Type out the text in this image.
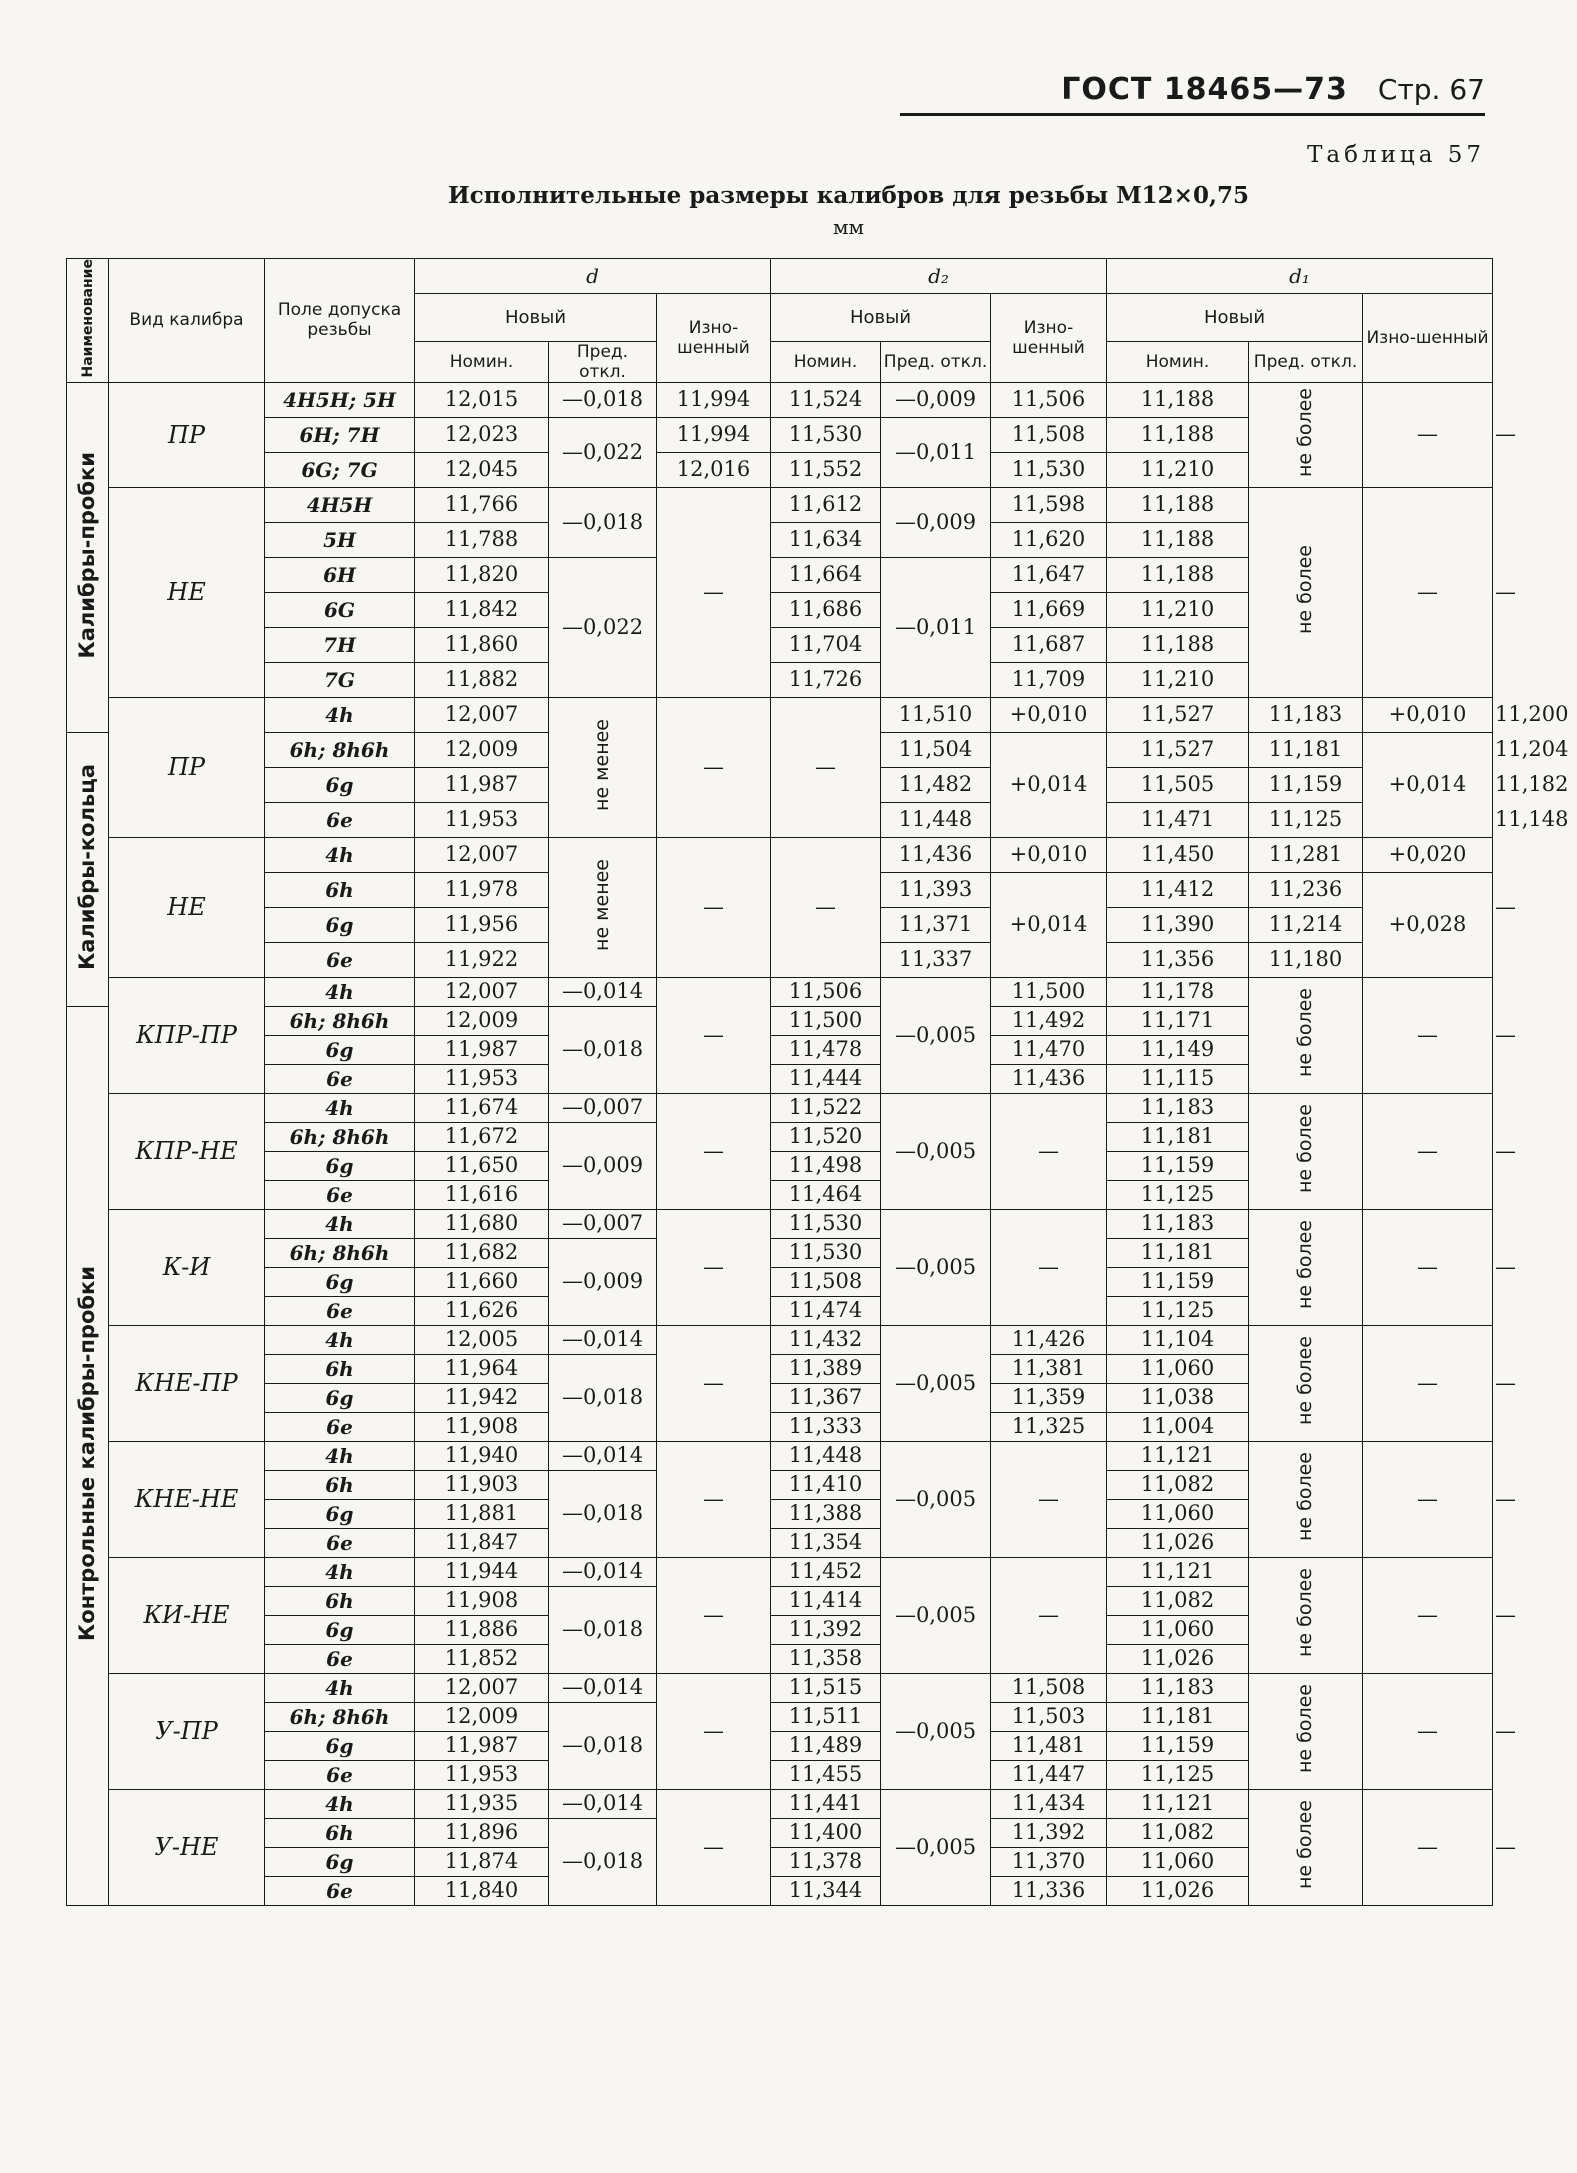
ГОСТ 18465—73 Стр. 67
Таблица 57
Исполнительные размеры калибров для резьбы М12×0,75
мм
Наименование	Вид калибра	Поле допуска резьбы	d			d₂			d₁			
			Новый		Изно-шенный	Новый		Изно-шенный	Новый		Изно-шенный	
			Номин.	Пред. откл.		Номин.	Пред. откл.		Номин.	Пред. откл.		
Калибры-пробки	ПР	4H5H; 5H	12,015	—0,018	11,994	11,524	—0,009	11,506	11,188	не более	—	—
		6H; 7H	12,023	—0,022	11,994	11,530	—0,011	11,508	11,188			
		6G; 7G	12,045		12,016	11,552		11,530	11,210			
	НЕ	4H5H	11,766	—0,018	—	11,612	—0,009	11,598	11,188	не более	—	—
		5H	11,788			11,634		11,620	11,188			
		6H	11,820	—0,022		11,664	—0,011	11,647	11,188			
		6G	11,842			11,686		11,669	11,210			
		7H	11,860			11,704		11,687	11,188			
		7G	11,882			11,726		11,709	11,210			
	ПР	4h	12,007	не менее	—	—	11,510	+0,010	11,527	11,183	+0,010	11,200
Калибры-кольца		6h; 8h6h	12,009				11,504	+0,014	11,527	11,181	+0,014	11,204
		6g	11,987				11,482		11,505	11,159		11,182
		6e	11,953				11,448		11,471	11,125		11,148
	НЕ	4h	12,007	не менее	—	—	11,436	+0,010	11,450	11,281	+0,020	—
		6h	11,978				11,393	+0,014	11,412	11,236	+0,028	
		6g	11,956				11,371		11,390	11,214		
		6e	11,922				11,337		11,356	11,180		
	КПР-ПР	4h	12,007	—0,014	—	11,506	—0,005	11,500	11,178	не более	—	—
Контрольные калибры-пробки		6h; 8h6h	12,009	—0,018		11,500		11,492	11,171			
		6g	11,987			11,478		11,470	11,149			
		6e	11,953			11,444		11,436	11,115			
	КПР-НЕ	4h	11,674	—0,007	—	11,522	—0,005	—	11,183	не более	—	—
		6h; 8h6h	11,672	—0,009		11,520			11,181			
		6g	11,650			11,498			11,159			
		6e	11,616			11,464			11,125			
	К-И	4h	11,680	—0,007	—	11,530	—0,005	—	11,183	не более	—	—
		6h; 8h6h	11,682	—0,009		11,530			11,181			
		6g	11,660			11,508			11,159			
		6e	11,626			11,474			11,125			
	КНЕ-ПР	4h	12,005	—0,014	—	11,432	—0,005	11,426	11,104	не более	—	—
		6h	11,964	—0,018		11,389		11,381	11,060			
		6g	11,942			11,367		11,359	11,038			
		6e	11,908			11,333		11,325	11,004			
	КНЕ-НЕ	4h	11,940	—0,014	—	11,448	—0,005	—	11,121	не более	—	—
		6h	11,903	—0,018		11,410			11,082			
		6g	11,881			11,388			11,060			
		6e	11,847			11,354			11,026			
	КИ-НЕ	4h	11,944	—0,014	—	11,452	—0,005	—	11,121	не более	—	—
		6h	11,908	—0,018		11,414			11,082			
		6g	11,886			11,392			11,060			
		6e	11,852			11,358			11,026			
	У-ПР	4h	12,007	—0,014	—	11,515	—0,005	11,508	11,183	не более	—	—
		6h; 8h6h	12,009	—0,018		11,511		11,503	11,181			
		6g	11,987			11,489		11,481	11,159			
		6e	11,953			11,455		11,447	11,125			
	У-НЕ	4h	11,935	—0,014	—	11,441	—0,005	11,434	11,121	не более	—	—
		6h	11,896	—0,018		11,400		11,392	11,082			
		6g	11,874			11,378		11,370	11,060			
		6e	11,840			11,344		11,336	11,026			
